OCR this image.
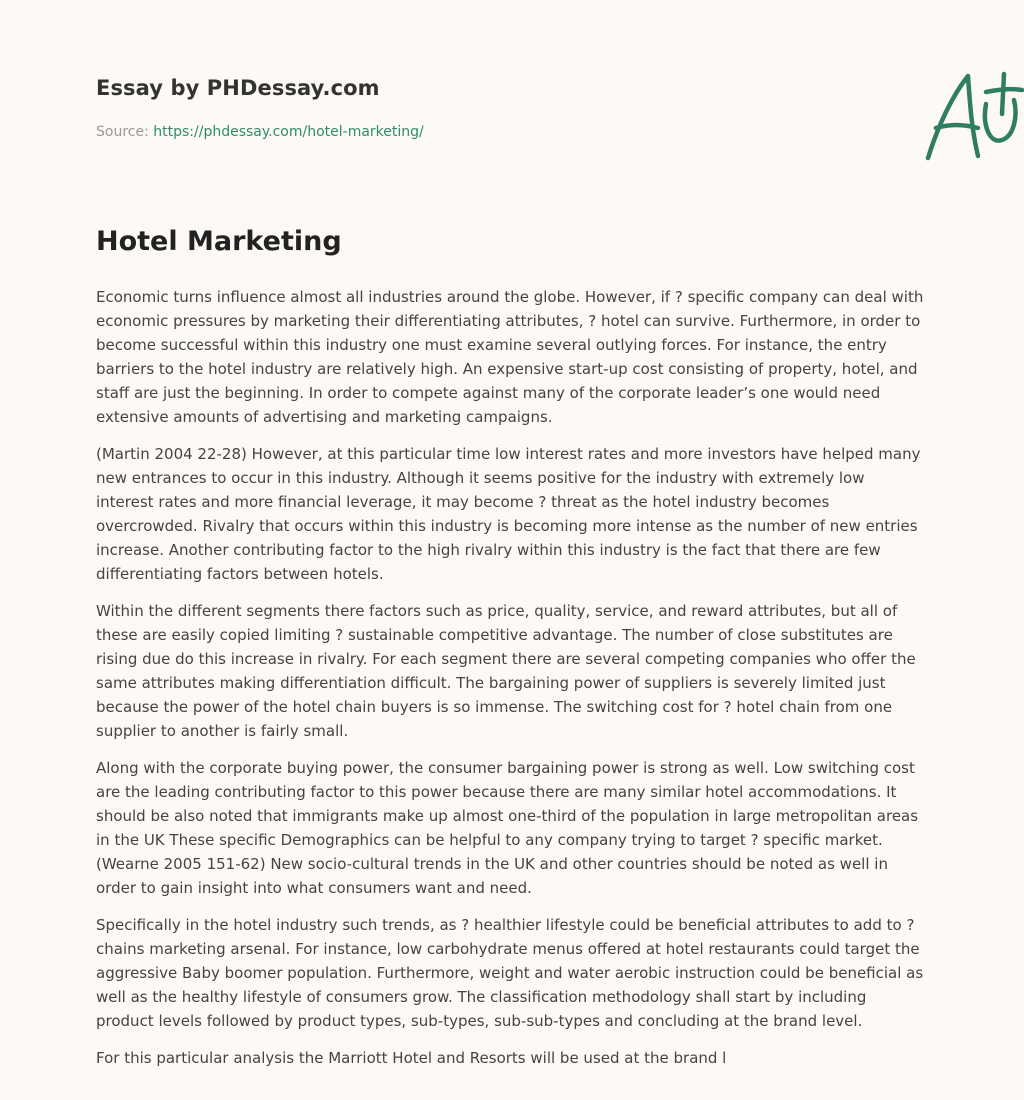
Essay by PHDessay.com

Source: https://phdessay.com/hotel-marketing/

Hotel Marketing

Economic turns influence almost all industries around the globe. However, if ? specific company can deal with economic pressures by marketing their differentiating attributes, ? hotel can survive. Furthermore, in order to become successful within this industry one must examine several outlying forces. For instance, the entry barriers to the hotel industry are relatively high. An expensive start-up cost consisting of property, hotel, and staff are just the beginning. In order to compete against many of the corporate leader’s one would need extensive amounts of advertising and marketing campaigns.

(Martin 2004 22-28) However, at this particular time low interest rates and more investors have helped many new entrances to occur in this industry. Although it seems positive for the industry with extremely low interest rates and more financial leverage, it may become ? threat as the hotel industry becomes overcrowded. Rivalry that occurs within this industry is becoming more intense as the number of new entries increase. Another contributing factor to the high rivalry within this industry is the fact that there are few differentiating factors between hotels.

Within the different segments there factors such as price, quality, service, and reward attributes, but all of these are easily copied limiting ? sustainable competitive advantage. The number of close substitutes are rising due do this increase in rivalry. For each segment there are several competing companies who offer the same attributes making differentiation difficult. The bargaining power of suppliers is severely limited just because the power of the hotel chain buyers is so immense. The switching cost for ? hotel chain from one supplier to another is fairly small.

Along with the corporate buying power, the consumer bargaining power is strong as well. Low switching cost are the leading contributing factor to this power because there are many similar hotel accommodations. It should be also noted that immigrants make up almost one-third of the population in large metropolitan areas in the UK These specific Demographics can be helpful to any company trying to target ? specific market. (Wearne 2005 151-62) New socio-cultural trends in the UK and other countries should be noted as well in order to gain insight into what consumers want and need.

Specifically in the hotel industry such trends, as ? healthier lifestyle could be beneficial attributes to add to ? chains marketing arsenal. For instance, low carbohydrate menus offered at hotel restaurants could target the aggressive Baby boomer population. Furthermore, weight and water aerobic instruction could be beneficial as well as the healthy lifestyle of consumers grow. The classification methodology shall start by including product levels followed by product types, sub-types, sub-sub-types and concluding at the brand level.

For this particular analysis the Marriott Hotel and Resorts will be used at the brand l
